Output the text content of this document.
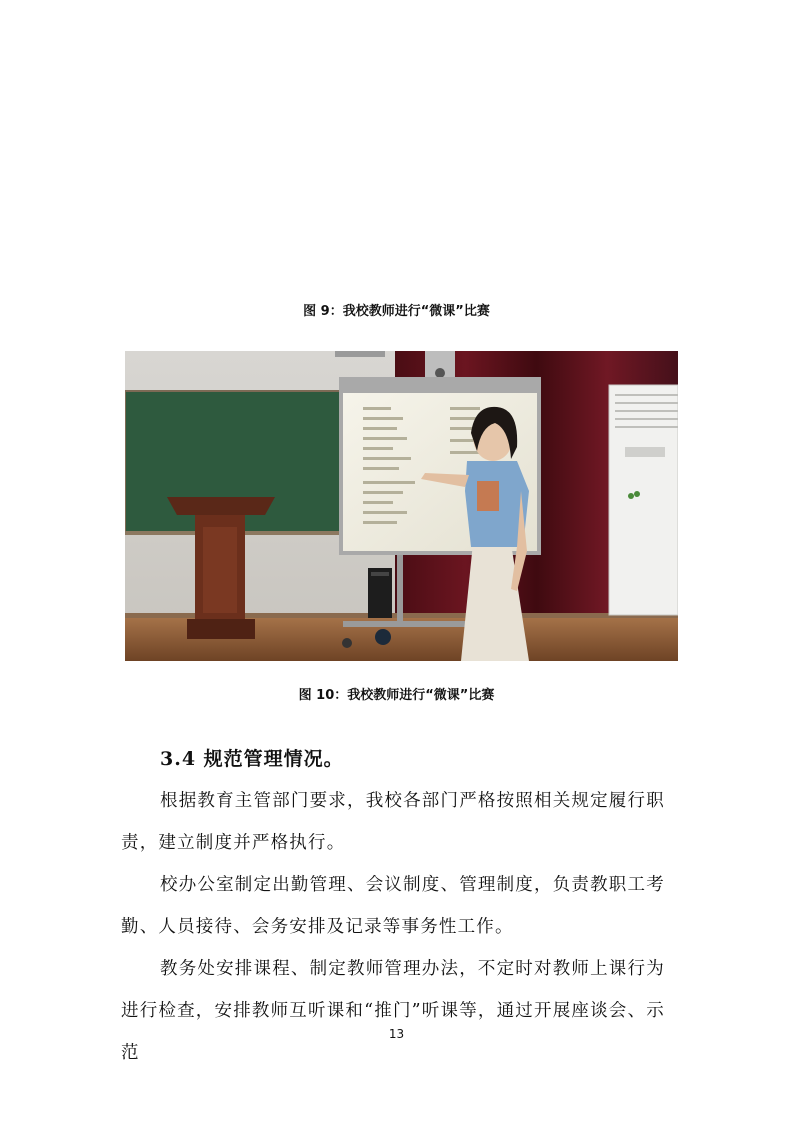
图 9：我校教师进行“微课”比赛
图 10：我校教师进行“微课”比赛
3.4 规范管理情况。
根据教育主管部门要求，我校各部门严格按照相关规定履行职责，建立制度并严格执行。
校办公室制定出勤管理、会议制度、管理制度，负责教职工考勤、人员接待、会务安排及记录等事务性工作。
教务处安排课程、制定教师管理办法，不定时对教师上课行为进行检查，安排教师互听课和“推门”听课等，通过开展座谈会、示范
13
